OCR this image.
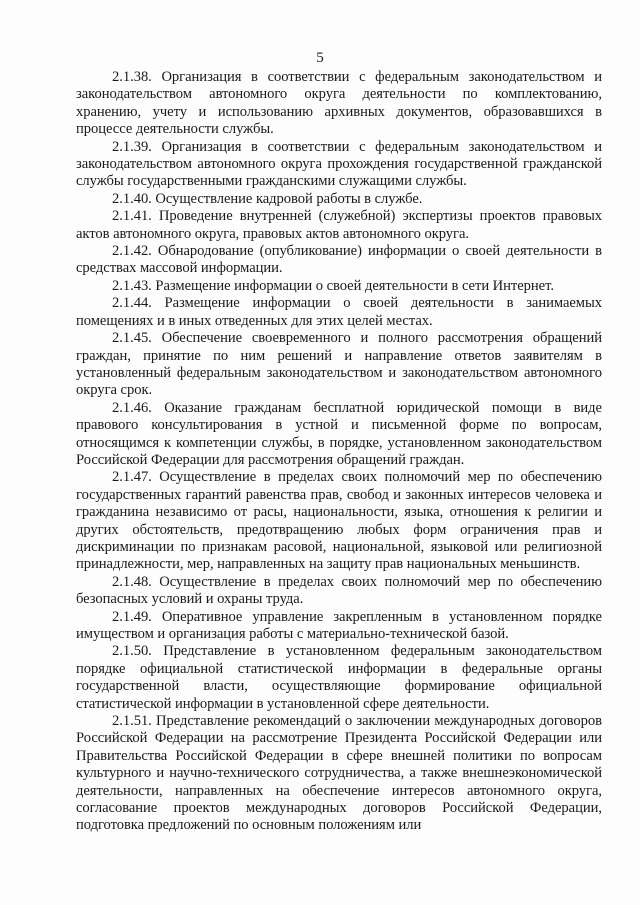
5

2.1.38. Организация в соответствии с федеральным законодательством и законодательством автономного округа деятельности по комплектованию, хранению, учету и использованию архивных документов, образовавшихся в процессе деятельности службы.

2.1.39. Организация в соответствии с федеральным законодательством и законодательством автономного округа прохождения государственной гражданской службы государственными гражданскими служащими службы.

2.1.40. Осуществление кадровой работы в службе.

2.1.41. Проведение внутренней (служебной) экспертизы проектов правовых актов автономного округа, правовых актов автономного округа.

2.1.42. Обнародование (опубликование) информации о своей деятельности в средствах массовой информации.

2.1.43. Размещение информации о своей деятельности в сети Интернет.

2.1.44. Размещение информации о своей деятельности в занимаемых помещениях и в иных отведенных для этих целей местах.

2.1.45. Обеспечение своевременного и полного рассмотрения обращений граждан, принятие по ним решений и направление ответов заявителям в установленный федеральным законодательством и законодательством автономного округа срок.

2.1.46. Оказание гражданам бесплатной юридической помощи в виде правового консультирования в устной и письменной форме по вопросам, относящимся к компетенции службы, в порядке, установленном законодательством Российской Федерации для рассмотрения обращений граждан.

2.1.47. Осуществление в пределах своих полномочий мер по обеспечению государственных гарантий равенства прав, свобод и законных интересов человека и гражданина независимо от расы, национальности, языка, отношения к религии и других обстоятельств, предотвращению любых форм ограничения прав и дискриминации по признакам расовой, национальной, языковой или религиозной принадлежности, мер, направленных на защиту прав национальных меньшинств.

2.1.48. Осуществление в пределах своих полномочий мер по обеспечению безопасных условий и охраны труда.

2.1.49. Оперативное управление закрепленным в установленном порядке имуществом и организация работы с материально-технической базой.

2.1.50. Представление в установленном федеральным законодательством порядке официальной статистической информации в федеральные органы государственной власти, осуществляющие формирование официальной статистической информации в установленной сфере деятельности.

2.1.51. Представление рекомендаций о заключении международных договоров Российской Федерации на рассмотрение Президента Российской Федерации или Правительства Российской Федерации в сфере внешней политики по вопросам культурного и научно-технического сотрудничества, а также внешнеэкономической деятельности, направленных на обеспечение интересов автономного округа, согласование проектов международных договоров Российской Федерации, подготовка предложений по основным положениям или
